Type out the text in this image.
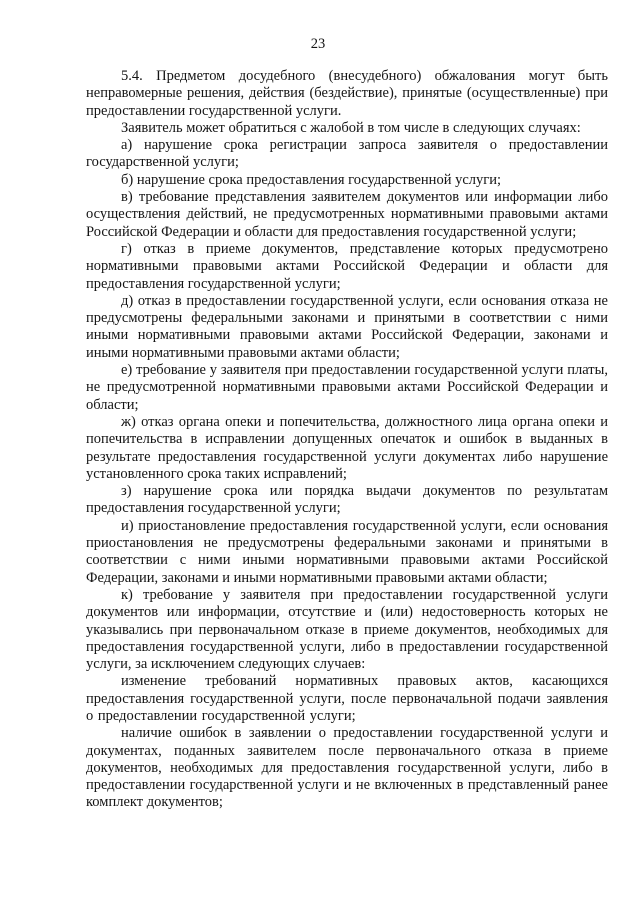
23

5.4. Предметом досудебного (внесудебного) обжалования могут быть неправомерные решения, действия (бездействие), принятые (осуществленные) при предоставлении государственной услуги.

Заявитель может обратиться с жалобой в том числе в следующих случаях:

а) нарушение срока регистрации запроса заявителя о предоставлении государственной услуги;

б) нарушение срока предоставления государственной услуги;

в) требование представления заявителем документов или информации либо осуществления действий, не предусмотренных нормативными правовыми актами Российской Федерации и области для предоставления государственной услуги;

г) отказ в приеме документов, представление которых предусмотрено нормативными правовыми актами Российской Федерации и области для предоставления государственной услуги;

д) отказ в предоставлении государственной услуги, если основания отказа не предусмотрены федеральными законами и принятыми в соответствии с ними иными нормативными правовыми актами Российской Федерации, законами и иными нормативными правовыми актами области;

е) требование у заявителя при предоставлении государственной услуги платы, не предусмотренной нормативными правовыми актами Российской Федерации и области;

ж) отказ органа опеки и попечительства, должностного лица органа опеки и попечительства в исправлении допущенных опечаток и ошибок в выданных в результате предоставления государственной услуги документах либо нарушение установленного срока таких исправлений;

з) нарушение срока или порядка выдачи документов по результатам предоставления государственной услуги;

и) приостановление предоставления государственной услуги, если основания приостановления не предусмотрены федеральными законами и принятыми в соответствии с ними иными нормативными правовыми актами Российской Федерации, законами и иными нормативными правовыми актами области;

к) требование у заявителя при предоставлении государственной услуги документов или информации, отсутствие и (или) недостоверность которых не указывались при первоначальном отказе в приеме документов, необходимых для предоставления государственной услуги, либо в предоставлении государственной услуги, за исключением следующих случаев:

изменение требований нормативных правовых актов, касающихся предоставления государственной услуги, после первоначальной подачи заявления о предоставлении государственной услуги;

наличие ошибок в заявлении о предоставлении государственной услуги и документах, поданных заявителем после первоначального отказа в приеме документов, необходимых для предоставления государственной услуги, либо в предоставлении государственной услуги и не включенных в представленный ранее комплект документов;
